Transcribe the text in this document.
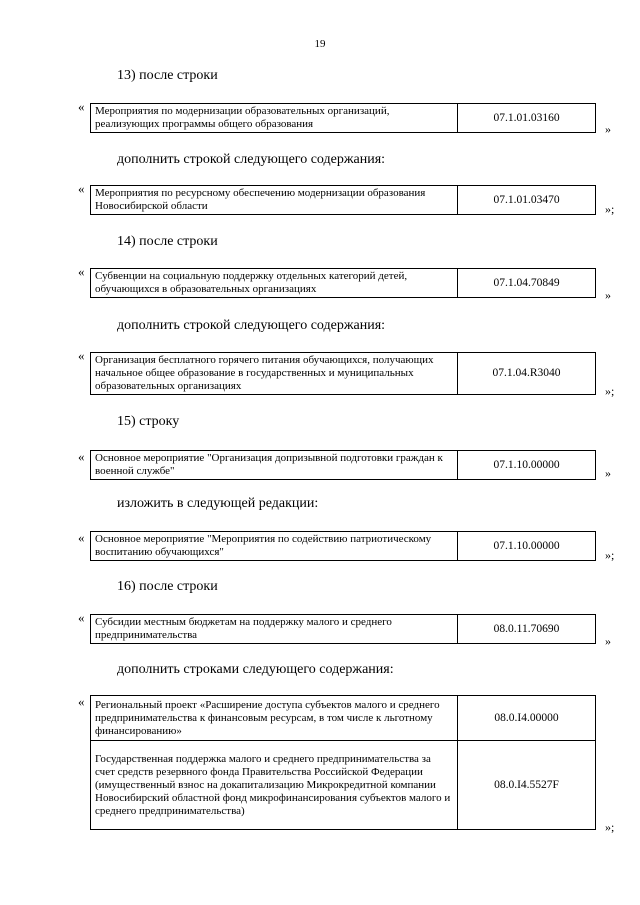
19
13) после строки
« Мероприятия по модернизации образовательных организаций, реализующих программы общего образования	07.1.01.03160
»
дополнить строкой следующего содержания:
« Мероприятия по ресурсному обеспечению модернизации образования Новосибирской области	07.1.01.03470
»;
14) после строки
« Субвенции на социальную поддержку отдельных категорий детей, обучающихся в образовательных организациях	07.1.04.70849
»
дополнить строкой следующего содержания:
« Организация бесплатного горячего питания обучающихся, получающих начальное общее образование в государственных и муниципальных образовательных организациях	07.1.04.R3040
»;
15) строку
« Основное мероприятие "Организация допризывной подготовки граждан к военной службе"	07.1.10.00000
»
изложить в следующей редакции:
« Основное мероприятие "Мероприятия по содействию патриотическому воспитанию обучающихся"	07.1.10.00000
»;
16) после строки
« Субсидии местным бюджетам на поддержку малого и среднего предпринимательства	08.0.11.70690
»
дополнить строками следующего содержания:
« Региональный проект «Расширение доступа субъектов малого и среднего предпринимательства к финансовым ресурсам, в том числе к льготному финансированию»	08.0.I4.00000
Государственная поддержка малого и среднего предпринимательства за счет средств резервного фонда Правительства Российской Федерации (имущественный взнос на докапитализацию Микрокредитной компании Новосибирский областной фонд микрофинансирования субъектов малого и среднего предпринимательства)	08.0.I4.5527F
»;
